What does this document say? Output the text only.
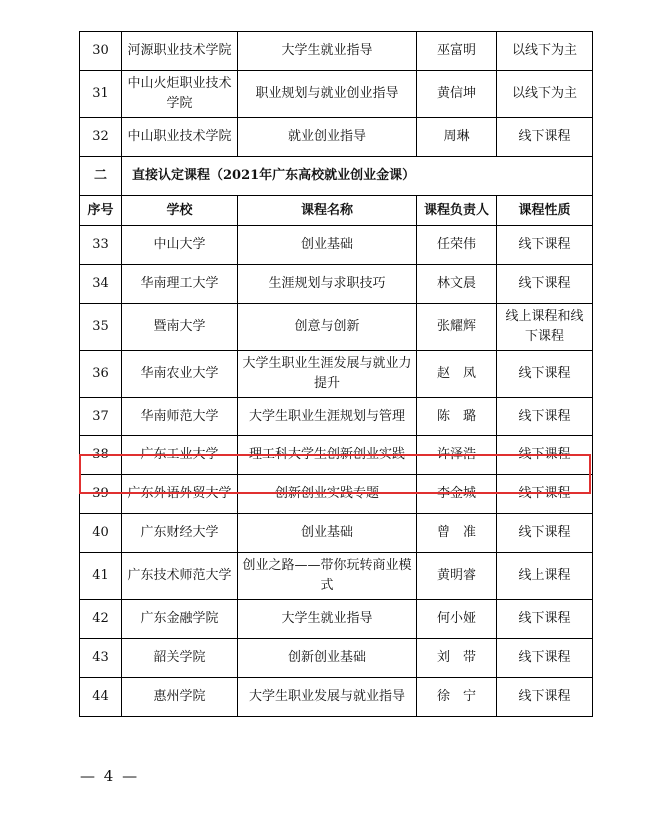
30	河源职业技术学院	大学生就业指导	巫富明	以线下为主
31	中山火炬职业技术学院	职业规划与就业创业指导	黄信坤	以线下为主
32	中山职业技术学院	就业创业指导	周琳	线下课程
二	直接认定课程（2021年广东高校就业创业金课）			
序号	学校	课程名称	课程负责人	课程性质
33	中山大学	创业基础	任荣伟	线下课程
34	华南理工大学	生涯规划与求职技巧	林文晨	线下课程
35	暨南大学	创意与创新	张耀辉	线上课程和线下课程
36	华南农业大学	大学生职业生涯发展与就业力提升	赵　凤	线下课程
37	华南师范大学	大学生职业生涯规划与管理	陈　璐	线下课程
38	广东工业大学	理工科大学生创新创业实践	许泽浩	线下课程
39	广东外语外贸大学	创新创业实践专题	李金城	线下课程
40	广东财经大学	创业基础	曾　准	线下课程
41	广东技术师范大学	创业之路——带你玩转商业模式	黄明睿	线上课程
42	广东金融学院	大学生就业指导	何小娅	线下课程
43	韶关学院	创新创业基础	刘　带	线下课程
44	惠州学院	大学生职业发展与就业指导	徐　宁	线下课程
— 4 —
